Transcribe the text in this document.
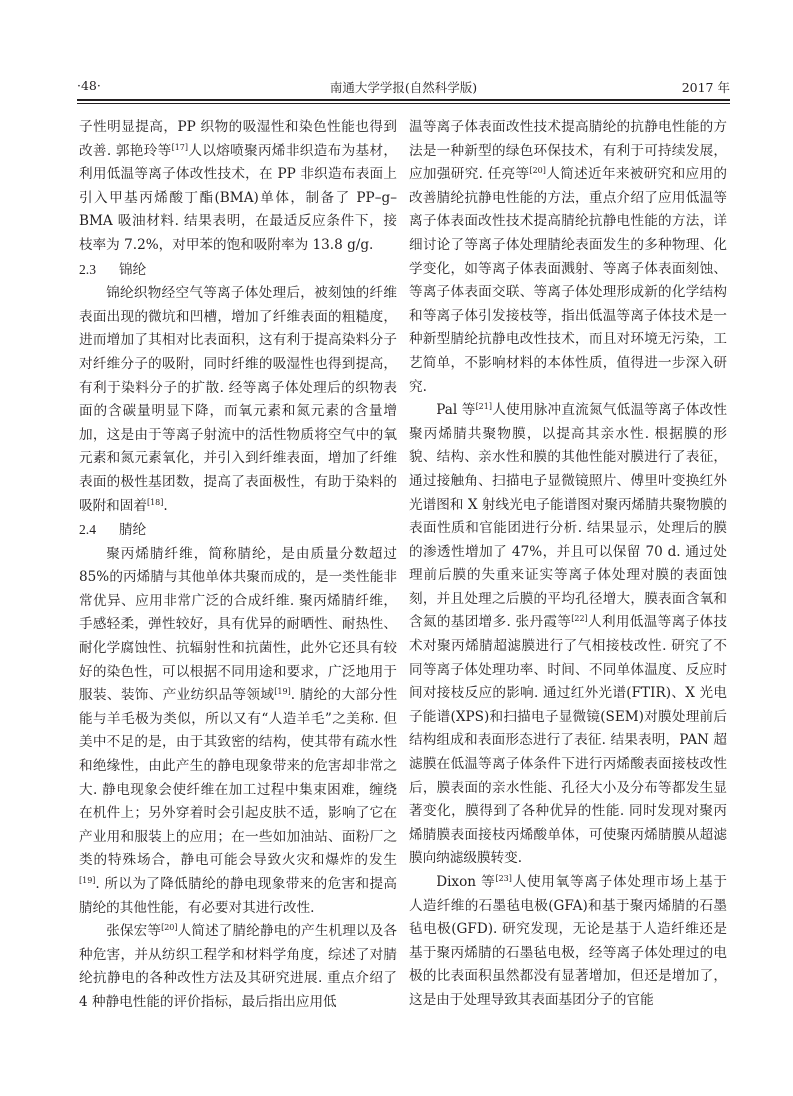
·48·	南通大学学报(自然科学版)	2017 年

子性明显提高，PP 织物的吸湿性和染色性能也得到改善. 郭艳玲等[17]人以熔喷聚丙烯非织造布为基材，利用低温等离子体改性技术，在 PP 非织造布表面上引入甲基丙烯酸丁酯(BMA)单体，制备了 PP–g–BMA 吸油材料. 结果表明，在最适反应条件下，接枝率为 7.2%，对甲苯的饱和吸附率为 13.8 g/g.

2.3 锦纶

锦纶织物经空气等离子体处理后，被刻蚀的纤维表面出现的微坑和凹槽，增加了纤维表面的粗糙度，进而增加了其相对比表面积，这有利于提高染料分子对纤维分子的吸附，同时纤维的吸湿性也得到提高，有利于染料分子的扩散. 经等离子体处理后的织物表面的含碳量明显下降，而氧元素和氮元素的含量增加，这是由于等离子射流中的活性物质将空气中的氧元素和氮元素氧化，并引入到纤维表面，增加了纤维表面的极性基团数，提高了表面极性，有助于染料的吸附和固着[18].

2.4 腈纶

聚丙烯腈纤维，简称腈纶，是由质量分数超过 85%的丙烯腈与其他单体共聚而成的，是一类性能非常优异、应用非常广泛的合成纤维. 聚丙烯腈纤维，手感轻柔，弹性较好，具有优异的耐晒性、耐热性、耐化学腐蚀性、抗辐射性和抗菌性，此外它还具有较好的染色性，可以根据不同用途和要求，广泛地用于服装、装饰、产业纺织品等领域[19]. 腈纶的大部分性能与羊毛极为类似，所以又有“人造羊毛”之美称. 但美中不足的是，由于其致密的结构，使其带有疏水性和绝缘性，由此产生的静电现象带来的危害却非常之大. 静电现象会使纤维在加工过程中集束困难，缠绕在机件上；另外穿着时会引起皮肤不适，影响了它在产业用和服装上的应用；在一些如加油站、面粉厂之类的特殊场合，静电可能会导致火灾和爆炸的发生[19]. 所以为了降低腈纶的静电现象带来的危害和提高腈纶的其他性能，有必要对其进行改性.

张保宏等[20]人简述了腈纶静电的产生机理以及各种危害，并从纺织工程学和材料学角度，综述了对腈纶抗静电的各种改性方法及其研究进展. 重点介绍了 4 种静电性能的评价指标，最后指出应用低

温等离子体表面改性技术提高腈纶的抗静电性能的方法是一种新型的绿色环保技术，有利于可持续发展，应加强研究. 任亮等[20]人简述近年来被研究和应用的改善腈纶抗静电性能的方法，重点介绍了应用低温等离子体表面改性技术提高腈纶抗静电性能的方法，详细讨论了等离子体处理腈纶表面发生的多种物理、化学变化，如等离子体表面溅射、等离子体表面刻蚀、等离子体表面交联、等离子体处理形成新的化学结构和等离子体引发接枝等，指出低温等离子体技术是一种新型腈纶抗静电改性技术，而且对环境无污染，工艺简单，不影响材料的本体性质，值得进一步深入研究.

Pal 等[21]人使用脉冲直流氮气低温等离子体改性聚丙烯腈共聚物膜，以提高其亲水性. 根据膜的形貌、结构、亲水性和膜的其他性能对膜进行了表征，通过接触角、扫描电子显微镜照片、傅里叶变换红外光谱图和 X 射线光电子能谱图对聚丙烯腈共聚物膜的表面性质和官能团进行分析. 结果显示，处理后的膜的渗透性增加了 47%，并且可以保留 70 d. 通过处理前后膜的失重来证实等离子体处理对膜的表面蚀刻，并且处理之后膜的平均孔径增大，膜表面含氧和含氮的基团增多. 张丹霞等[22]人利用低温等离子体技术对聚丙烯腈超滤膜进行了气相接枝改性. 研究了不同等离子体处理功率、时间、不同单体温度、反应时间对接枝反应的影响. 通过红外光谱(FTIR)、X 光电子能谱(XPS)和扫描电子显微镜(SEM)对膜处理前后结构组成和表面形态进行了表征. 结果表明，PAN 超滤膜在低温等离子体条件下进行丙烯酸表面接枝改性后，膜表面的亲水性能、孔径大小及分布等都发生显著变化，膜得到了各种优异的性能. 同时发现对聚丙烯腈膜表面接枝丙烯酸单体，可使聚丙烯腈膜从超滤膜向纳滤级膜转变.

Dixon 等[23]人使用氧等离子体处理市场上基于人造纤维的石墨毡电极(GFA)和基于聚丙烯腈的石墨毡电极(GFD). 研究发现，无论是基于人造纤维还是基于聚丙烯腈的石墨毡电极，经等离子体处理过的电极的比表面积虽然都没有显著增加，但还是增加了，这是由于处理导致其表面基团分子的官能
